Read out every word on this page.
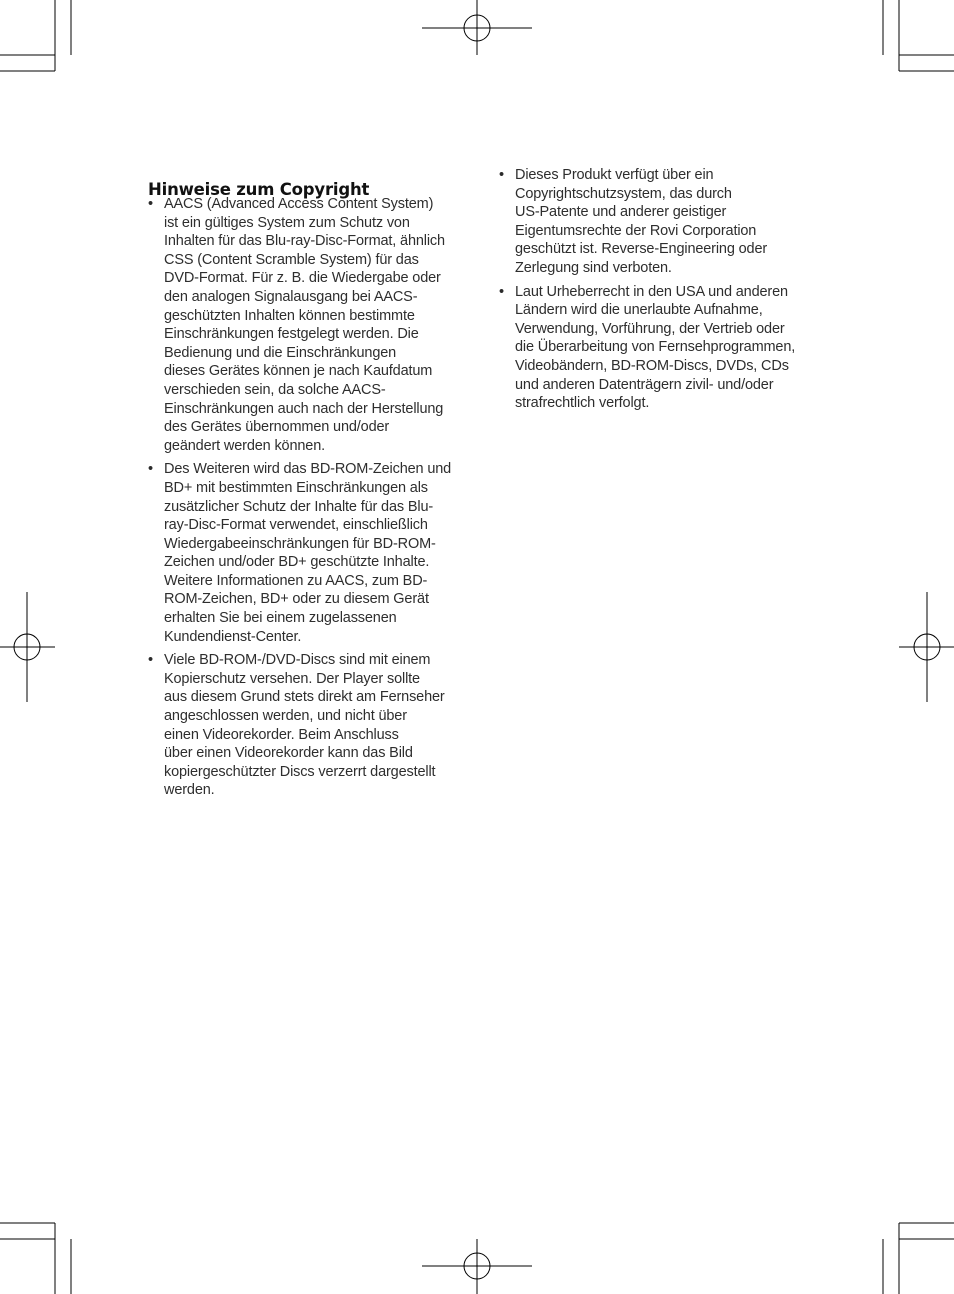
Hinweise zum Copyright
• AACS (Advanced Access Content System)
ist ein gültiges System zum Schutz von
Inhalten für das Blu-ray-Disc-Format, ähnlich
CSS (Content Scramble System) für das
DVD-Format. Für z. B. die Wiedergabe oder
den analogen Signalausgang bei AACS-
geschützten Inhalten können bestimmte
Einschränkungen festgelegt werden. Die
Bedienung und die Einschränkungen
dieses Gerätes können je nach Kaufdatum
verschieden sein, da solche AACS-
Einschränkungen auch nach der Herstellung
des Gerätes übernommen und/oder
geändert werden können.
• Des Weiteren wird das BD-ROM-Zeichen und
BD+ mit bestimmten Einschränkungen als
zusätzlicher Schutz der Inhalte für das Blu-
ray-Disc-Format verwendet, einschließlich
Wiedergabeeinschränkungen für BD-ROM-
Zeichen und/oder BD+ geschützte Inhalte.
Weitere Informationen zu AACS, zum BD-
ROM-Zeichen, BD+ oder zu diesem Gerät
erhalten Sie bei einem zugelassenen
Kundendienst-Center.
• Viele BD-ROM-/DVD-Discs sind mit einem
Kopierschutz versehen. Der Player sollte
aus diesem Grund stets direkt am Fernseher
angeschlossen werden, und nicht über
einen Videorekorder. Beim Anschluss
über einen Videorekorder kann das Bild
kopiergeschützter Discs verzerrt dargestellt
werden.
• Dieses Produkt verfügt über ein
Copyrightschutzsystem, das durch
US-Patente und anderer geistiger
Eigentumsrechte der Rovi Corporation
geschützt ist. Reverse-Engineering oder
Zerlegung sind verboten.
• Laut Urheberrecht in den USA und anderen
Ländern wird die unerlaubte Aufnahme,
Verwendung, Vorführung, der Vertrieb oder
die Überarbeitung von Fernsehprogrammen,
Videobändern, BD-ROM-Discs, DVDs, CDs
und anderen Datenträgern zivil- und/oder
strafrechtlich verfolgt.
